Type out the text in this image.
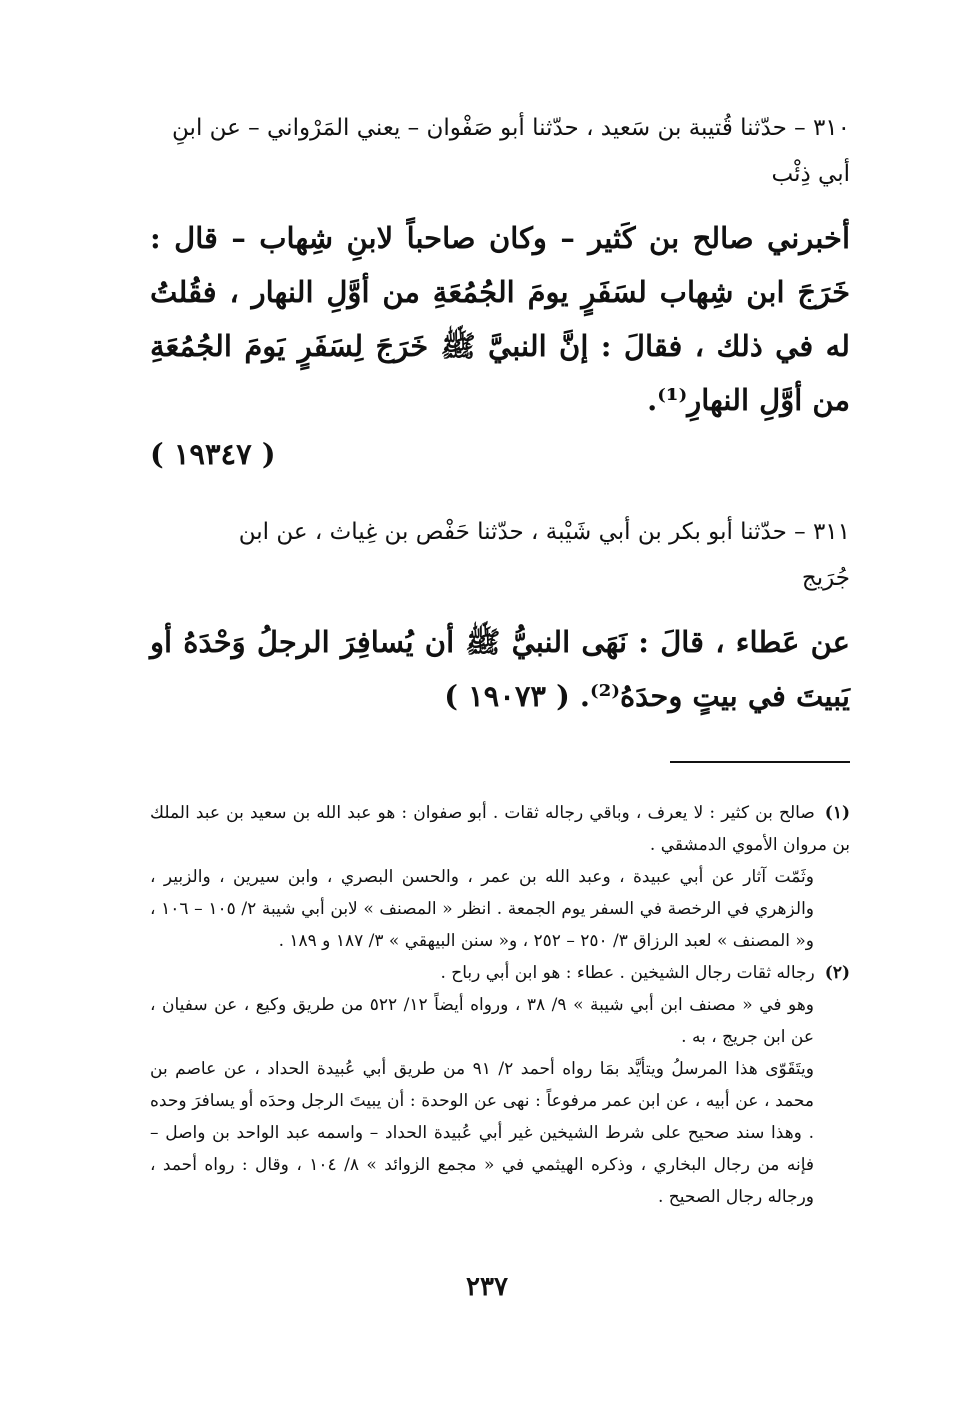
٣١٠ – حدّثنا قُتيبة بن سَعيد ، حدّثنا أبو صَفْوان – يعني المَرْواني – عن ابنِ

أبي ذِئْب

أخبرني صالح بن كَثير – وكان صاحباً لابنِ شِهاب – قال : خَرَجَ ابن شِهاب لسَفَرٍ يومَ الجُمُعَةِ من أوَّلِ النهار ، فقُلتُ له في ذلك ، فقالَ : إنَّ النبيَّ ﷺ خَرَجَ لِسَفَرٍ يَومَ الجُمُعَةِ من أوَّلِ النهارِ⁽¹⁾.

( ١٩٣٤٧ )

٣١١ – حدّثنا أبو بكر بن أبي شَيْبة ، حدّثنا حَفْص بن غِياث ، عن ابن

جُرَيج

عن عَطاء ، قالَ : نَهَى النبيُّ ﷺ أن يُسافِرَ الرجلُ وَحْدَهُ أو يَبيتَ في بيتٍ وحدَهُ⁽²⁾. ( ١٩٠٧٣ )

(١)صالح بن كثير : لا يعرف ، وباقي رجاله ثقات . أبو صفوان : هو عبد الله بن سعيد بن عبد الملك بن مروان الأموي الدمشقي .

وثَمّت آثار عن أبي عبيدة ، وعبد الله بن عمر ، والحسن البصري ، وابن سيرين ، والزبير ، والزهري في الرخصة في السفر يوم الجمعة . انظر « المصنف » لابن أبي شيبة ٢/ ١٠٥ – ١٠٦ ، و« المصنف » لعبد الرزاق ٣/ ٢٥٠ – ٢٥٢ ، و« سنن البيهقي » ٣/ ١٨٧ و ١٨٩ .

(٢)رجاله ثقات رجال الشيخين . عطاء : هو ابن أبي رباح .

وهو في « مصنف ابن أبي شيبة » ٩/ ٣٨ ، ورواه أيضاً ١٢/ ٥٢٢ من طريق وكيع ، عن سفيان ، عن ابن جريج ، به .

ويتَقَوّى هذا المرسلُ ويتأيَّد بمَا رواه أحمد ٢/ ٩١ من طريق أبي عُبيدة الحداد ، عن عاصم بن محمد ، عن أبيه ، عن ابن عمر مرفوعاً : نهى عن الوحدة : أن يبيتَ الرجل وحدَه أو يسافرَ وحده . وهذا سند صحيح على شرط الشيخين غير أبي عُبيدة الحداد – واسمه عبد الواحد بن واصل – فإنه من رجال البخاري ، وذكره الهيثمي في « مجمع الزوائد » ٨/ ١٠٤ ، وقال : رواه أحمد ، ورجاله رجال الصحيح .

٢٣٧
